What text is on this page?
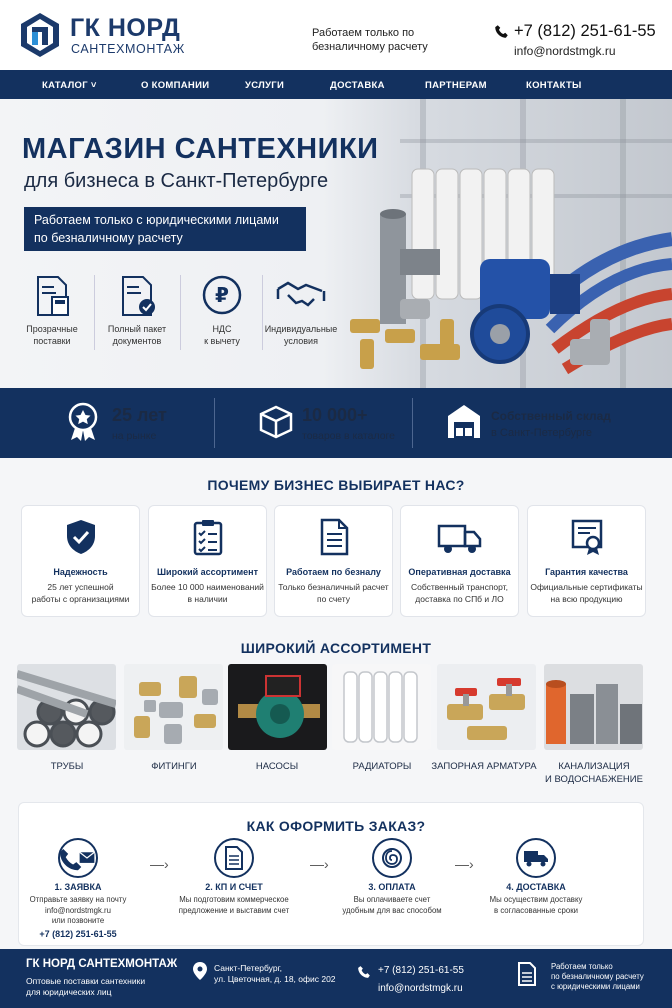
ГК НОРД
САНТЕХМОНТАЖ
Работаем только по безналичному расчету
+7 (812) 251-61-55
info@nordstmgk.ru
КАТАЛОГ ˅	О КОМПАНИИ	УСЛУГИ	ДОСТАВКА	ПАРТНЕРАМ	КОНТАКТЫ
МАГАЗИН САНТЕХНИКИ
для бизнеса в Санкт-Петербурге
Работаем только с юридическими лицами
по безналичному расчету
Прозрачные
поставки
Полный пакет
документов
₽
НДС
к вычету
Индивидуальные
условия
25 лет
на рынке
10 000+
товаров в каталоге
Собственный склад
в Санкт-Петербурге
ПОЧЕМУ БИЗНЕС ВЫБИРАЕТ НАС?
Надежность
25 лет успешной
работы с организациями
Широкий ассортимент
Более 10 000 наименований
в наличии
Работаем по безналу
Только безналичный расчет
по счету
Оперативная доставка
Собственный транспорт,
доставка по СПб и ЛО
Гарантия качества
Официальные сертификаты
на всю продукцию
ШИРОКИЙ АССОРТИМЕНТ
ТРУБЫ	ФИТИНГИ	НАСОСЫ	РАДИАТОРЫ	ЗАПОРНАЯ АРМАТУРА	КАНАЛИЗАЦИЯ
И ВОДОСНАБЖЕНИЕ
КАК ОФОРМИТЬ ЗАКАЗ?
1. ЗАЯВКА
Отправьте заявку на почту
info@nordstmgk.ru
или позвоните
+7 (812) 251-61-55
—›
2. КП И СЧЕТ
Мы подготовим коммерческое
предложение и выставим счет
—›
3. ОПЛАТА
Вы оплачиваете счет
удобным для вас способом
—›
4. ДОСТАВКА
Мы осуществим доставку
в согласованные сроки
ГК НОРД САНТЕХМОНТАЖ
Оптовые поставки сантехники
для юридических лиц
Санкт-Петербург,
ул. Цветочная, д. 18, офис 202
+7 (812) 251-61-55
info@nordstmgk.ru
Работаем только
по безналичному расчету
с юридическими лицами
